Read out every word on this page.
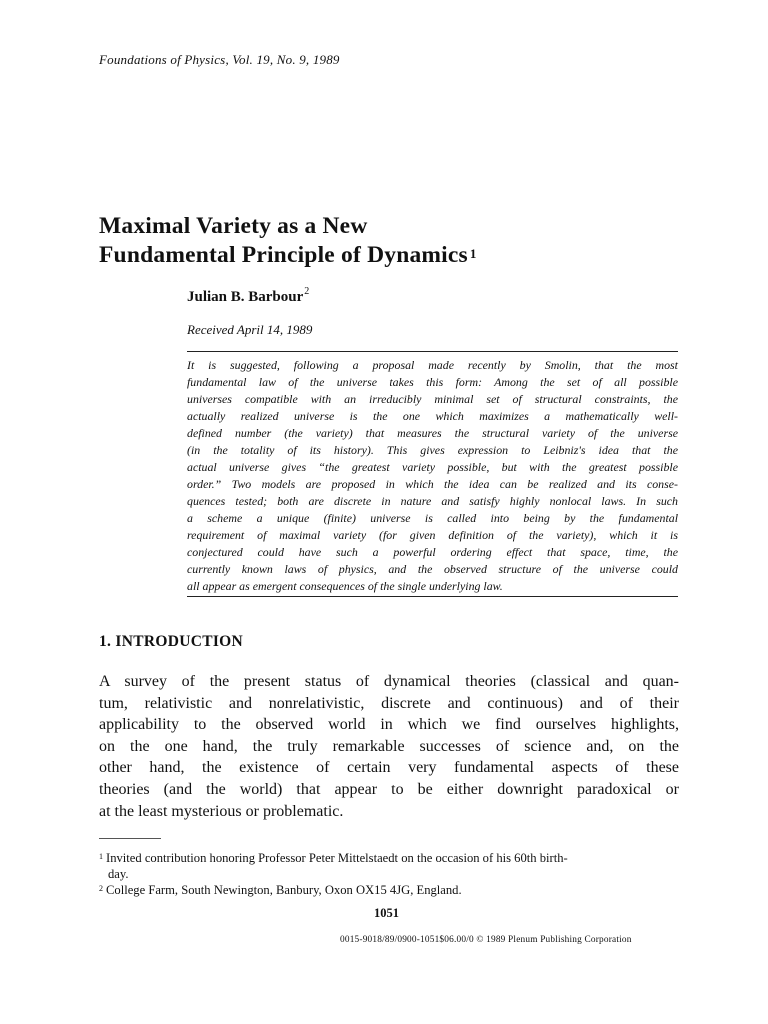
Foundations of Physics, Vol. 19, No. 9, 1989
Maximal Variety as a New
Fundamental Principle of Dynamics $^1$
Julian B. Barbour$^2$
Received April 14, 1989
It is suggested, following a proposal made recently by Smolin, that the most
fundamental law of the universe takes this form: Among the set of all possible
universes compatible with an irreducibly minimal set of structural constraints, the
actually realized universe is the one which maximizes a mathematically well-
defined number (the variety) that measures the structural variety of the universe
(in the totality of its history). This gives expression to Leibniz's idea that the
actual universe gives “the greatest variety possible, but with the greatest possible
order.” Two models are proposed in which the idea can be realized and its conse-
quences tested; both are discrete in nature and satisfy highly nonlocal laws. In such
a scheme a unique (finite) universe is called into being by the fundamental
requirement of maximal variety (for given definition of the variety), which it is
conjectured could have such a powerful ordering effect that space, time, the
currently known laws of physics, and the observed structure of the universe could
all appear as emergent consequences of the single underlying law.
1. INTRODUCTION
A survey of the present status of dynamical theories (classical and quan-
tum, relativistic and nonrelativistic, discrete and continuous) and of their
applicability to the observed world in which we find ourselves highlights,
on the one hand, the truly remarkable successes of science and, on the
other hand, the existence of certain very fundamental aspects of these
theories (and the world) that appear to be either downright paradoxical or
at the least mysterious or problematic.
$^1$ Invited contribution honoring Professor Peter Mittelstaedt on the occasion of his 60th birth-
day.
$^2$ College Farm, South Newington, Banbury, Oxon OX15 4JG, England.
1051
0015-9018/89/0900-1051$06.00/0 © 1989 Plenum Publishing Corporation
